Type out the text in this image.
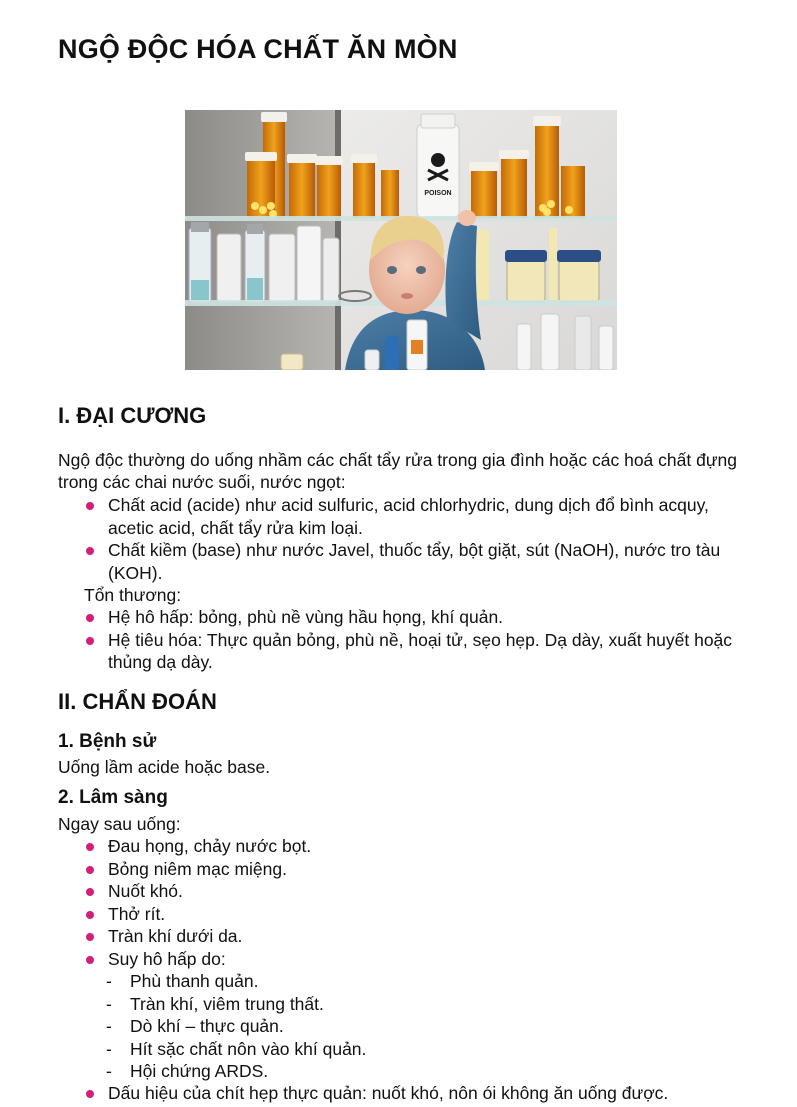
NGỘ ĐỘC HÓA CHẤT ĂN MÒN
POISON
I. ĐẠI CƯƠNG

Ngộ độc thường do uống nhầm các chất tẩy rửa trong gia đình hoặc các hoá chất đựng trong các chai nước suối, nước ngọt:

Chất acid (acide) như acid sulfuric, acid chlorhydric, dung dịch đổ bình acquy, acetic acid, chất tẩy rửa kim loại.
Chất kiềm (base) như nước Javel, thuốc tẩy, bột giặt, sút (NaOH), nước tro tàu (KOH).

Tổn thương:

Hệ hô hấp: bỏng, phù nề vùng hầu họng, khí quản.
Hệ tiêu hóa: Thực quản bỏng, phù nề, hoại tử, sẹo hẹp. Dạ dày, xuất huyết hoặc thủng dạ dày.
II. CHẨN ĐOÁN
1. Bệnh sử

Uống lầm acide hoặc base.

2. Lâm sàng

Ngay sau uống:

Đau họng, chảy nước bọt.
Bỏng niêm mạc miệng.
Nuốt khó.
Thở rít.
Tràn khí dưới da.
Suy hô hấp do:
- Phù thanh quản.
- Tràn khí, viêm trung thất.
- Dò khí – thực quản.
- Hít sặc chất nôn vào khí quản.
- Hội chứng ARDS.
Dấu hiệu của chít hẹp thực quản: nuốt khó, nôn ói không ăn uống được.
